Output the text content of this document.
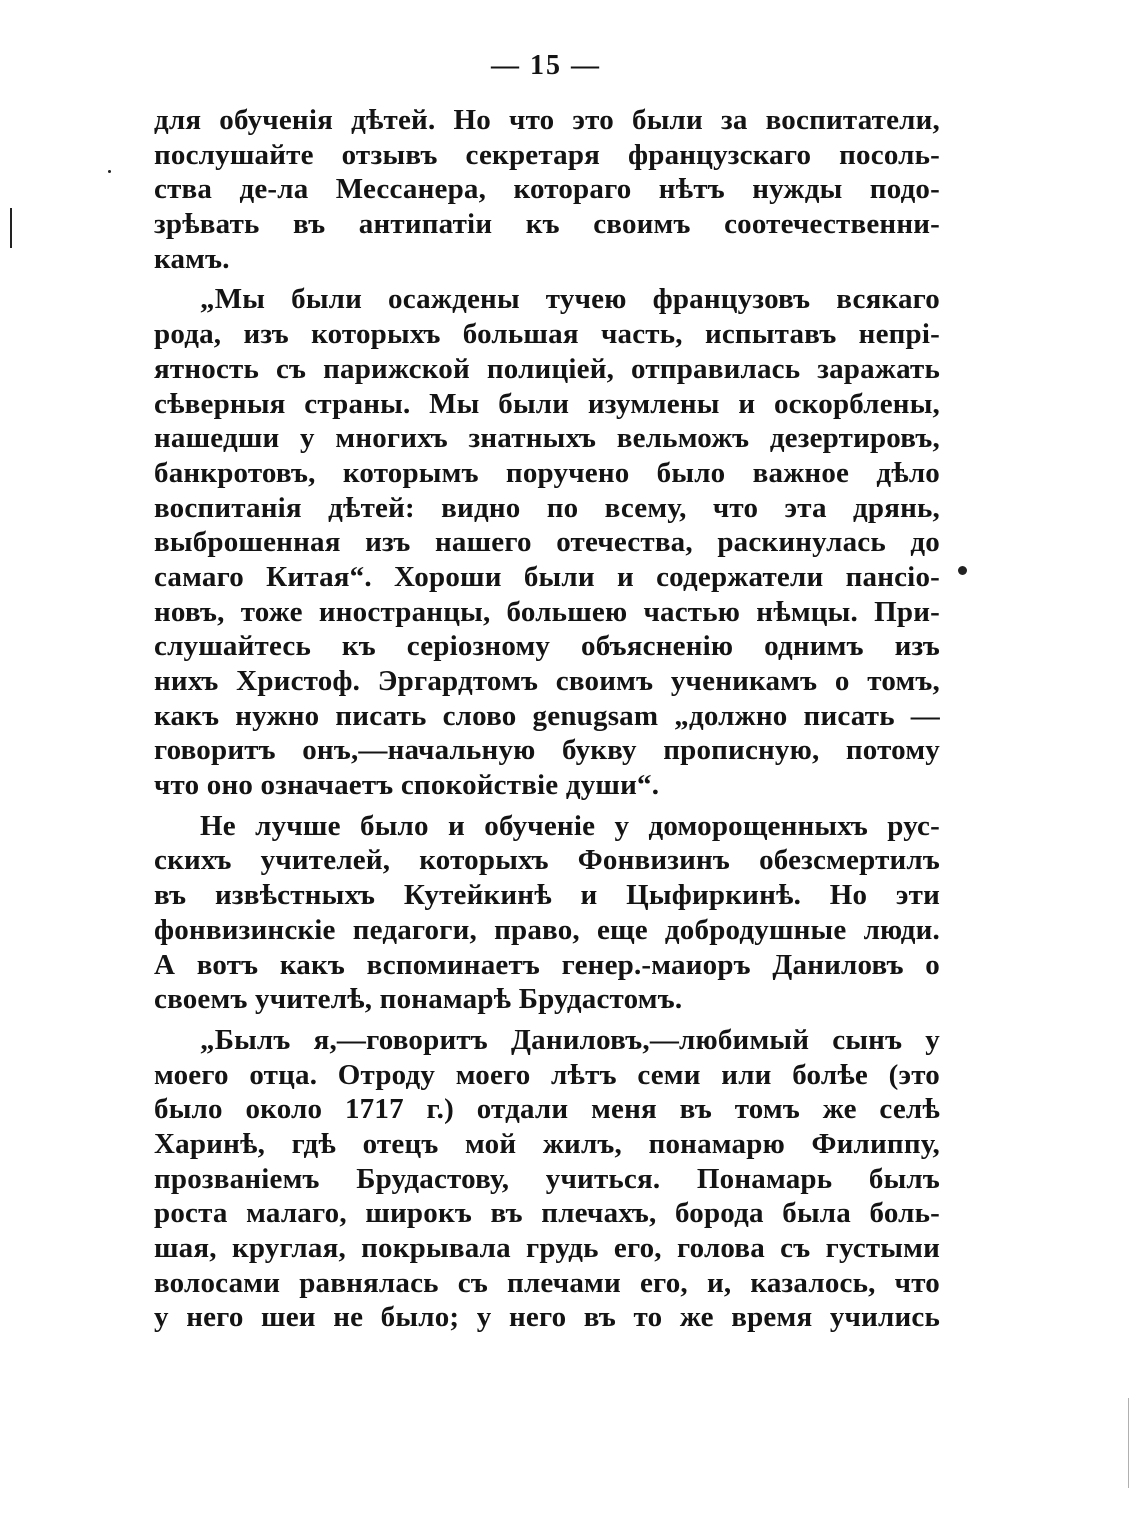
— 15 —
для обученія дѣтей. Но что это были за воспитатели,
послушайте отзывъ секретаря французскаго посоль-
ства де-ла Мессанера, котораго нѣтъ нужды подо-
зрѣвать въ антипатіи къ своимъ соотечественни-
камъ.
„Мы были осаждены тучею французовъ всякаго
рода, изъ которыхъ большая часть, испытавъ непрі-
ятность съ парижской полиціей, отправилась заражать
сѣверныя страны. Мы были изумлены и оскорблены,
нашедши у многихъ знатныхъ вельможъ дезертировъ,
банкротовъ, которымъ поручено было важное дѣло
воспитанія дѣтей: видно по всему, что эта дрянь,
выброшенная изъ нашего отечества, раскинулась до
самаго Китая“. Хороши были и содержатели пансіо-
новъ, тоже иностранцы, большею частью нѣмцы. При-
слушайтесь къ серіозному объясненію однимъ изъ
нихъ Христоф. Эргардтомъ своимъ ученикамъ о томъ,
какъ нужно писать слово genugsam „должно писать —
говоритъ онъ,—начальную букву прописную, потому
что оно означаетъ спокойствіе души“.
Не лучше было и обученіе у доморощенныхъ рус-
скихъ учителей, которыхъ Фонвизинъ обезсмертилъ
въ извѣстныхъ Кутейкинѣ и Цыфиркинѣ. Но эти
фонвизинскіе педагоги, право, еще добродушные люди.
А вотъ какъ вспоминаетъ генер.-маиоръ Даниловъ о
своемъ учителѣ, понамарѣ Брудастомъ.
„Былъ я,—говоритъ Даниловъ,—любимый сынъ у
моего отца. Отроду моего лѣтъ семи или болѣе (это
было около 1717 г.) отдали меня въ томъ же селѣ
Харинѣ, гдѣ отецъ мой жилъ, понамарю Филиппу,
прозваніемъ Брудастову, учиться. Понамарь былъ
роста малаго, широкъ въ плечахъ, борода была боль-
шая, круглая, покрывала грудь его, голова съ густыми
волосами равнялась съ плечами его, и, казалось, что
у него шеи не было; у него въ то же время учились
